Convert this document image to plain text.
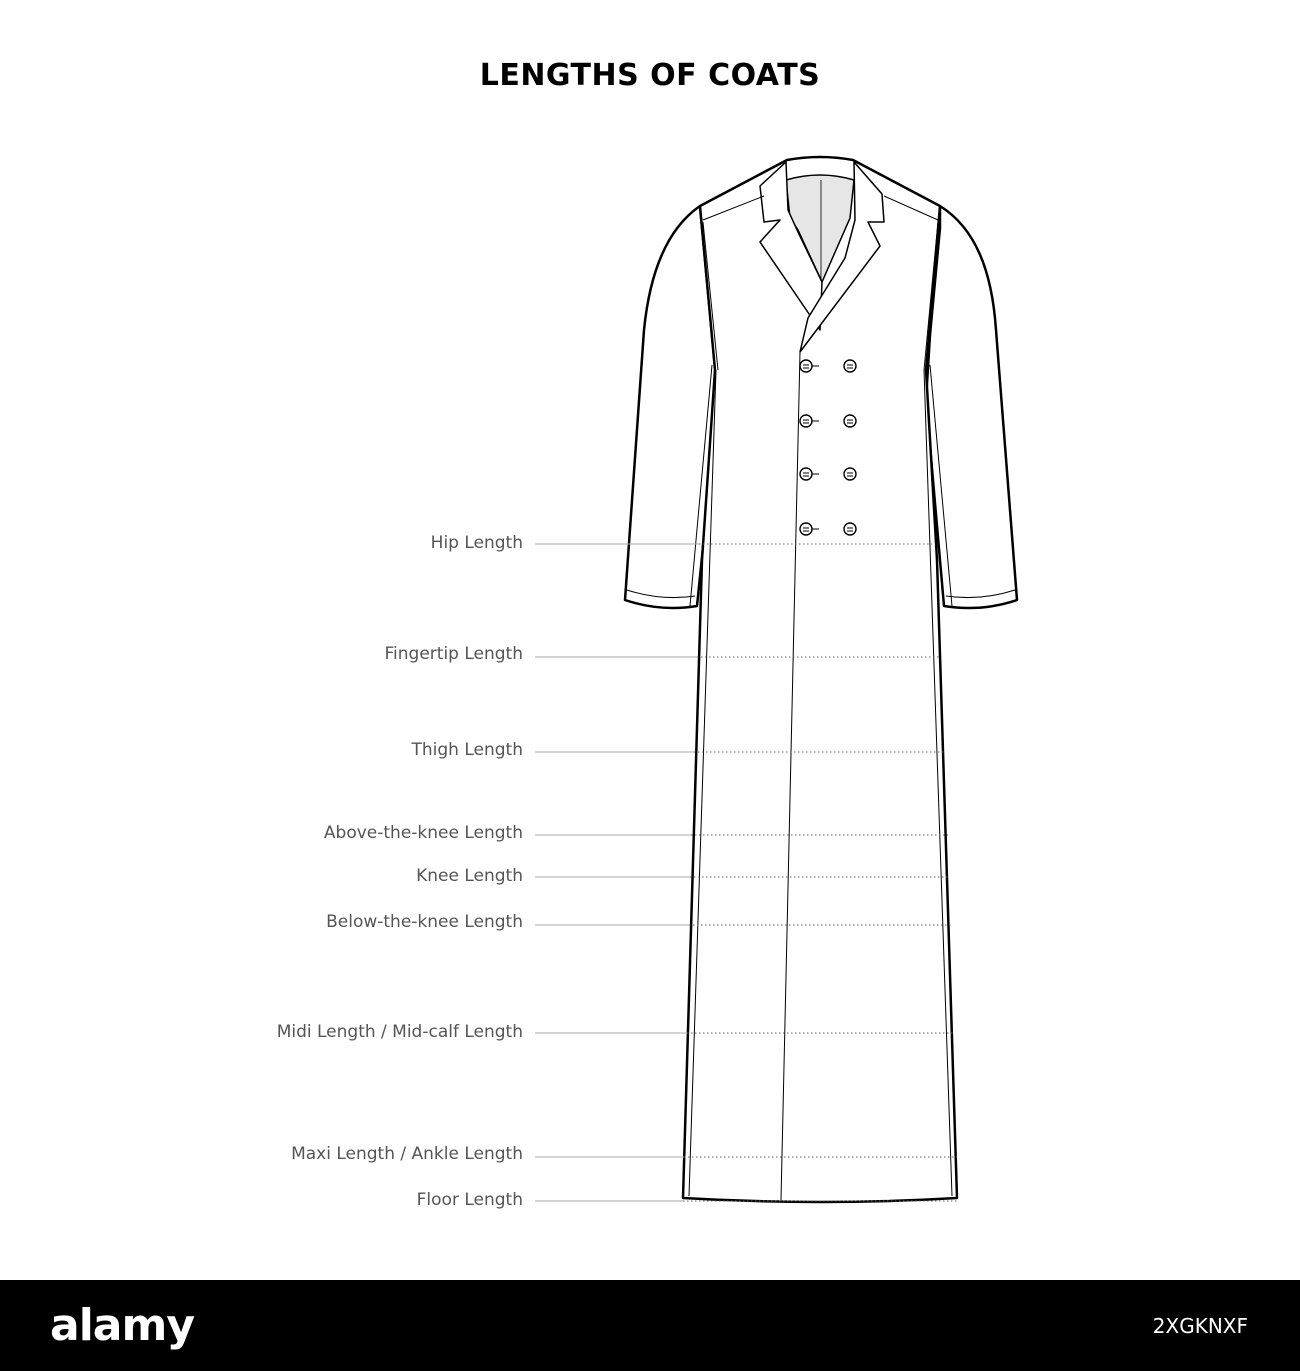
LENGTHS OF COATS
Hip Length
Fingertip Length
Thigh Length
Above-the-knee Length
Knee Length
Below-the-knee Length
Midi Length / Mid-calf Length
Maxi Length / Ankle Length
Floor Length
alamy	2XGKNXF
